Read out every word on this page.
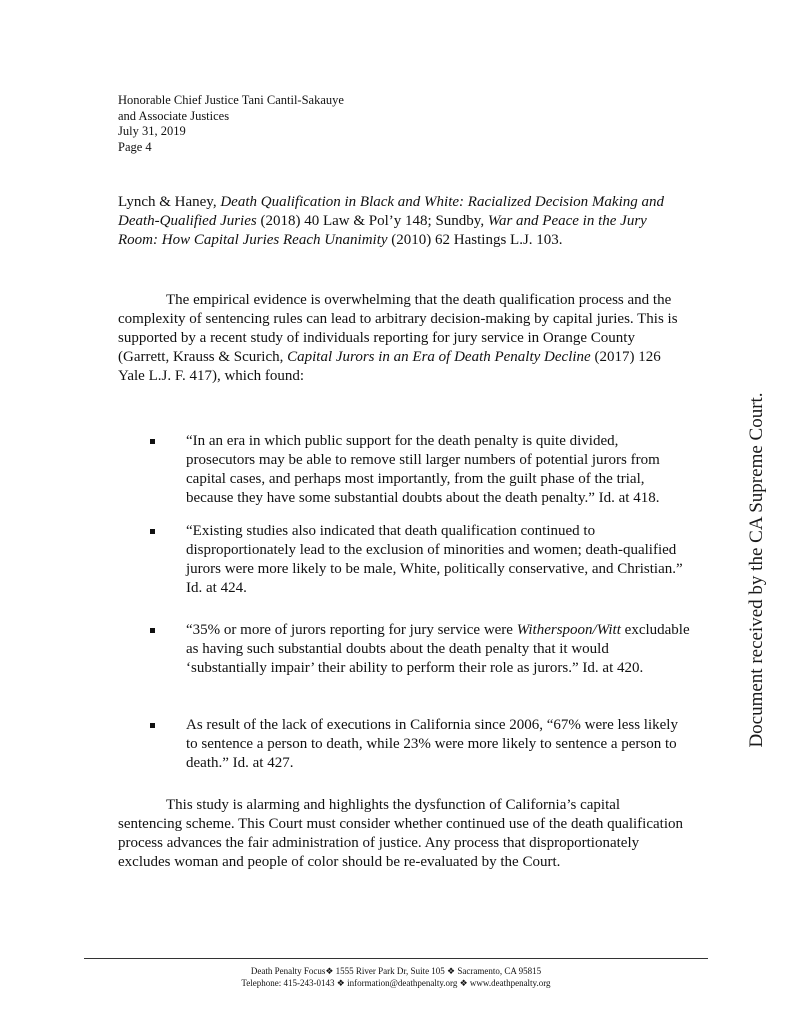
Honorable Chief Justice Tani Cantil-Sakauye
and Associate Justices
July 31, 2019
Page 4
Lynch & Haney, Death Qualification in Black and White: Racialized Decision Making and Death-Qualified Juries (2018) 40 Law & Pol’y 148; Sundby, War and Peace in the Jury Room: How Capital Juries Reach Unanimity (2010) 62 Hastings L.J. 103.
The empirical evidence is overwhelming that the death qualification process and the complexity of sentencing rules can lead to arbitrary decision-making by capital juries. This is supported by a recent study of individuals reporting for jury service in Orange County (Garrett, Krauss & Scurich, Capital Jurors in an Era of Death Penalty Decline (2017) 126 Yale L.J. F. 417), which found:
“In an era in which public support for the death penalty is quite divided, prosecutors may be able to remove still larger numbers of potential jurors from capital cases, and perhaps most importantly, from the guilt phase of the trial, because they have some substantial doubts about the death penalty.” Id. at 418.
“Existing studies also indicated that death qualification continued to disproportionately lead to the exclusion of minorities and women; death-qualified jurors were more likely to be male, White, politically conservative, and Christian.” Id. at 424.
“35% or more of jurors reporting for jury service were Witherspoon/Witt excludable as having such substantial doubts about the death penalty that it would ‘substantially impair’ their ability to perform their role as jurors.” Id. at 420.
As result of the lack of executions in California since 2006, “67% were less likely to sentence a person to death, while 23% were more likely to sentence a person to death.” Id. at 427.
This study is alarming and highlights the dysfunction of California’s capital sentencing scheme. This Court must consider whether continued use of the death qualification process advances the fair administration of justice. Any process that disproportionately excludes woman and people of color should be re-evaluated by the Court.
Death Penalty Focus❖ 1555 River Park Dr, Suite 105 ❖ Sacramento, CA 95815
Telephone: 415-243-0143 ❖ information@deathpenalty.org ❖ www.deathpenalty.org
Document received by the CA Supreme Court.
